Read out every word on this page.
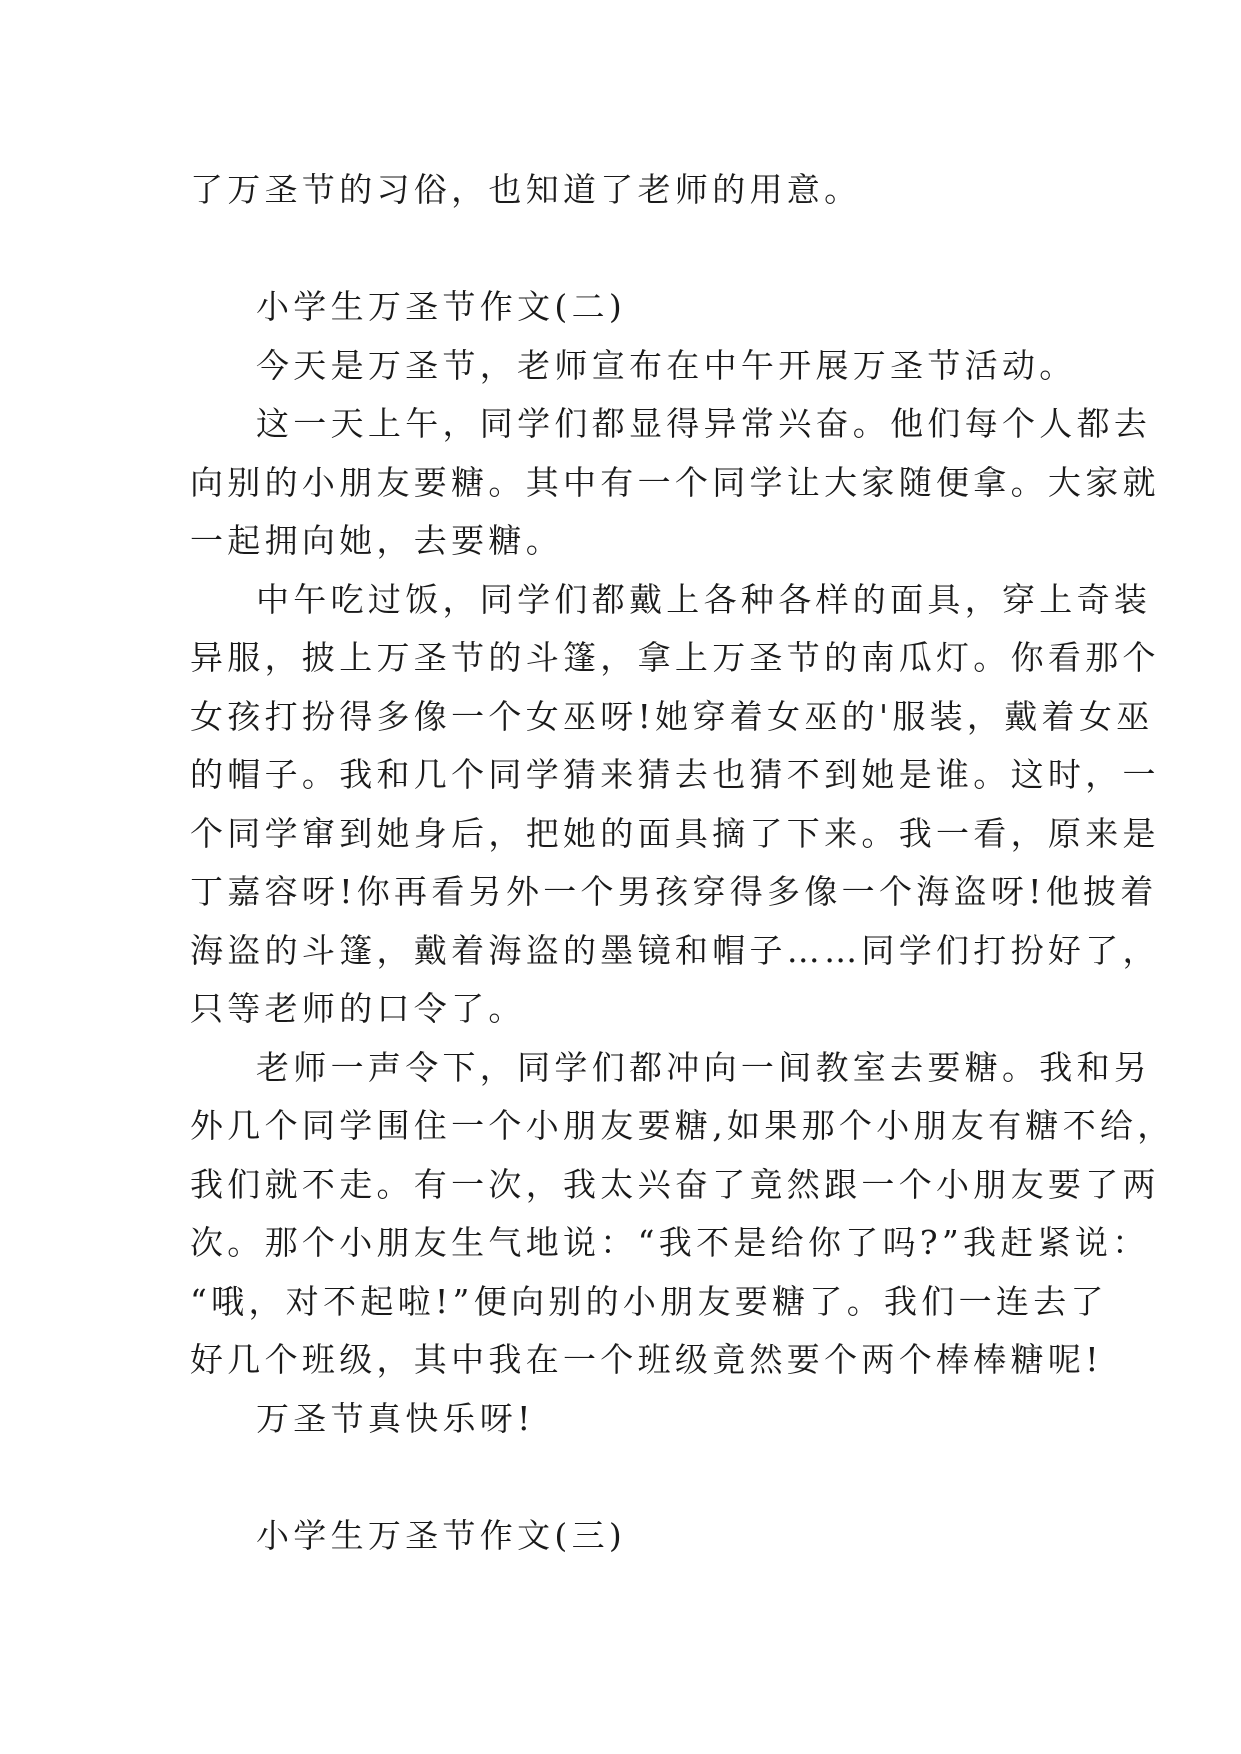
了万圣节的习俗，也知道了老师的用意。
小学生万圣节作文(二)
今天是万圣节，老师宣布在中午开展万圣节活动。
这一天上午，同学们都显得异常兴奋。他们每个人都去
向别的小朋友要糖。其中有一个同学让大家随便拿。大家就
一起拥向她，去要糖。
中午吃过饭，同学们都戴上各种各样的面具，穿上奇装
异服，披上万圣节的斗篷，拿上万圣节的南瓜灯。你看那个
女孩打扮得多像一个女巫呀!她穿着女巫的'服装，戴着女巫
的帽子。我和几个同学猜来猜去也猜不到她是谁。这时，一
个同学窜到她身后，把她的面具摘了下来。我一看，原来是
丁嘉容呀!你再看另外一个男孩穿得多像一个海盗呀!他披着
海盗的斗篷，戴着海盗的墨镜和帽子……同学们打扮好了，
只等老师的口令了。
老师一声令下，同学们都冲向一间教室去要糖。我和另
外几个同学围住一个小朋友要糖,如果那个小朋友有糖不给，
我们就不走。有一次，我太兴奋了竟然跟一个小朋友要了两
次。那个小朋友生气地说：“我不是给你了吗?”我赶紧说：
“哦，对不起啦!”便向别的小朋友要糖了。我们一连去了
好几个班级，其中我在一个班级竟然要个两个棒棒糖呢!
万圣节真快乐呀!
小学生万圣节作文(三)
